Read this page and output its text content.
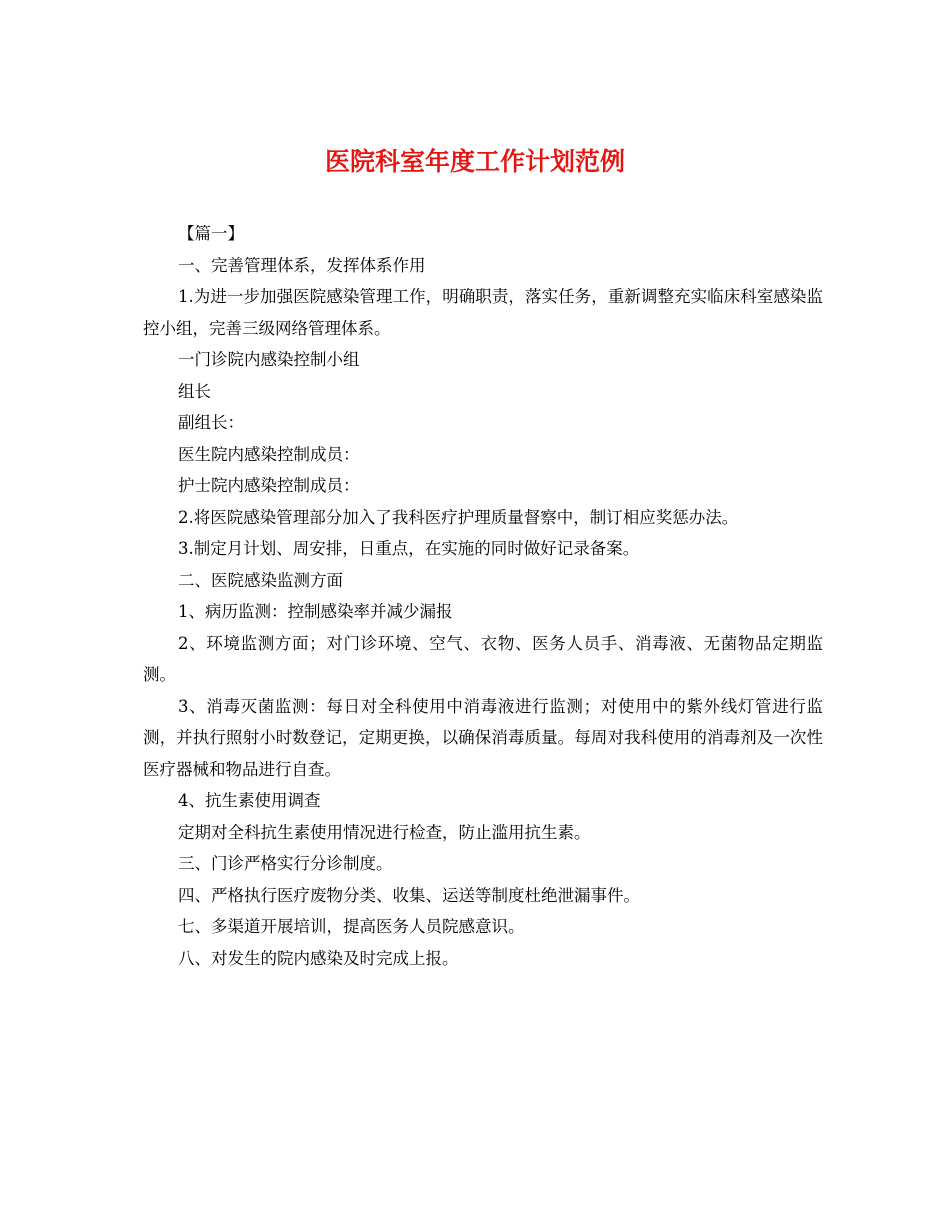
医院科室年度工作计划范例

【篇一】

一、完善管理体系，发挥体系作用

1.为进一步加强医院感染管理工作，明确职责，落实任务，重新调整充实临床科室感染监控小组，完善三级网络管理体系。

一门诊院内感染控制小组

组长

副组长：

医生院内感染控制成员：

护士院内感染控制成员：

2.将医院感染管理部分加入了我科医疗护理质量督察中，制订相应奖惩办法。

3.制定月计划、周安排，日重点，在实施的同时做好记录备案。

二、医院感染监测方面

1、病历监测：控制感染率并减少漏报

2、环境监测方面；对门诊环境、空气、衣物、医务人员手、消毒液、无菌物品定期监测。

3、消毒灭菌监测：每日对全科使用中消毒液进行监测；对使用中的紫外线灯管进行监测，并执行照射小时数登记，定期更换，以确保消毒质量。每周对我科使用的消毒剂及一次性医疗器械和物品进行自查。

4、抗生素使用调查

定期对全科抗生素使用情况进行检查，防止滥用抗生素。

三、门诊严格实行分诊制度。

四、严格执行医疗废物分类、收集、运送等制度杜绝泄漏事件。

七、多渠道开展培训，提高医务人员院感意识。

八、对发生的院内感染及时完成上报。
